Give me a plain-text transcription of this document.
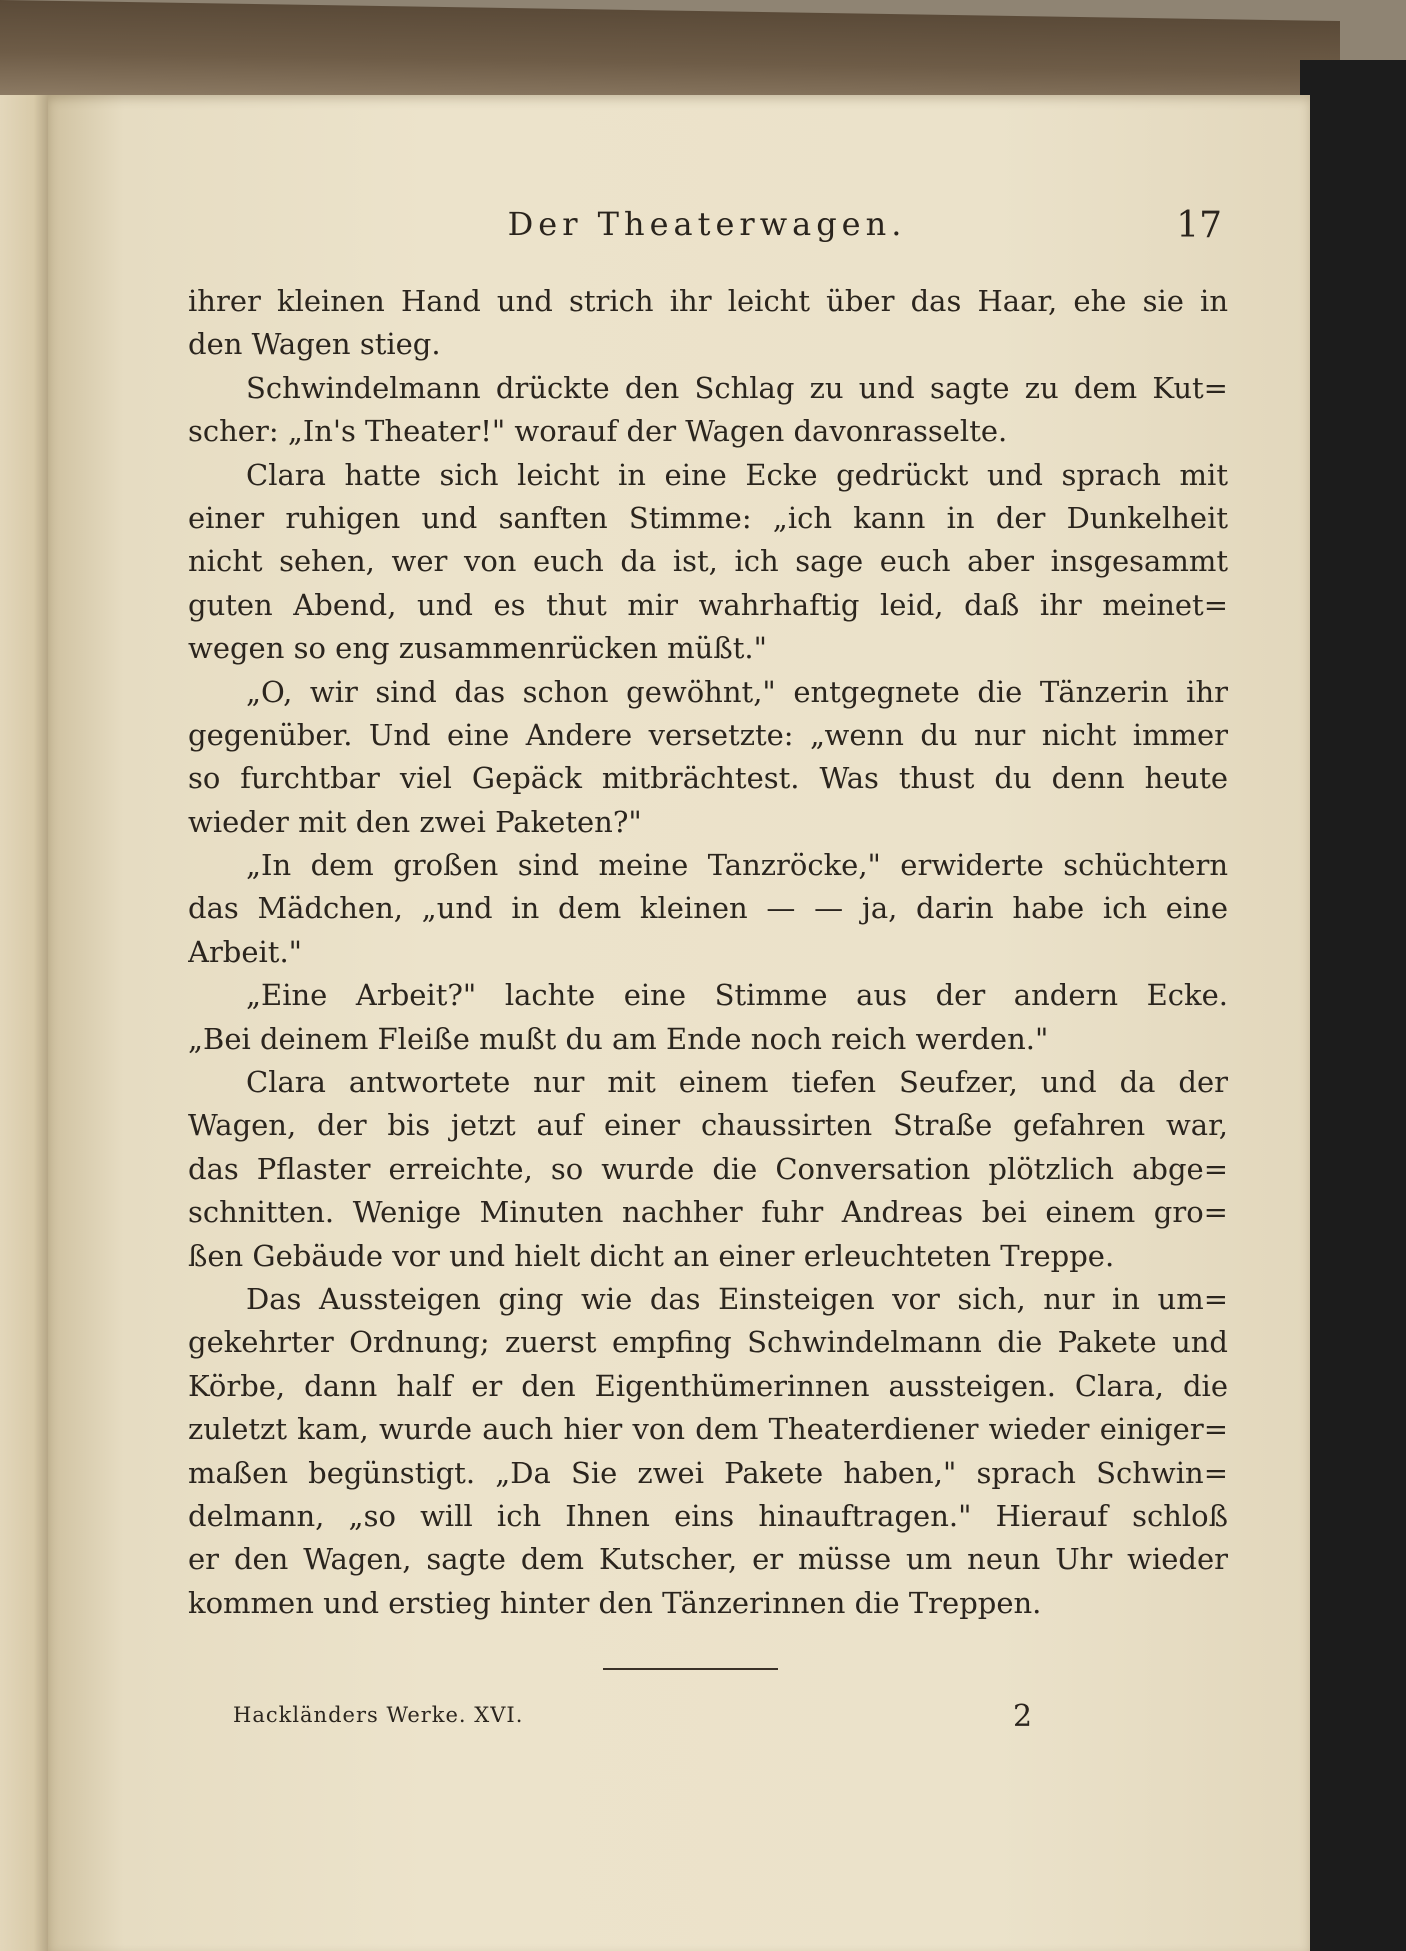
Der Theaterwagen.	17
ihrer kleinen Hand und strich ihr leicht über das Haar, ehe sie in
den Wagen stieg.
Schwindelmann drückte den Schlag zu und sagte zu dem Kut=
scher: „In's Theater!" worauf der Wagen davonrasselte.
Clara hatte sich leicht in eine Ecke gedrückt und sprach mit
einer ruhigen und sanften Stimme: „ich kann in der Dunkelheit
nicht sehen, wer von euch da ist, ich sage euch aber insgesammt
guten Abend, und es thut mir wahrhaftig leid, daß ihr meinet=
wegen so eng zusammenrücken müßt."
„O, wir sind das schon gewöhnt," entgegnete die Tänzerin ihr
gegenüber. Und eine Andere versetzte: „wenn du nur nicht immer
so furchtbar viel Gepäck mitbrächtest. Was thust du denn heute
wieder mit den zwei Paketen?"
„In dem großen sind meine Tanzröcke," erwiderte schüchtern
das Mädchen, „und in dem kleinen — — ja, darin habe ich eine
Arbeit."
„Eine Arbeit?" lachte eine Stimme aus der andern Ecke.
„Bei deinem Fleiße mußt du am Ende noch reich werden."
Clara antwortete nur mit einem tiefen Seufzer, und da der
Wagen, der bis jetzt auf einer chaussirten Straße gefahren war,
das Pflaster erreichte, so wurde die Conversation plötzlich abge=
schnitten. Wenige Minuten nachher fuhr Andreas bei einem gro=
ßen Gebäude vor und hielt dicht an einer erleuchteten Treppe.
Das Aussteigen ging wie das Einsteigen vor sich, nur in um=
gekehrter Ordnung; zuerst empfing Schwindelmann die Pakete und
Körbe, dann half er den Eigenthümerinnen aussteigen. Clara, die
zuletzt kam, wurde auch hier von dem Theaterdiener wieder einiger=
maßen begünstigt. „Da Sie zwei Pakete haben," sprach Schwin=
delmann, „so will ich Ihnen eins hinauftragen." Hierauf schloß
er den Wagen, sagte dem Kutscher, er müsse um neun Uhr wieder
kommen und erstieg hinter den Tänzerinnen die Treppen.
Hackländers Werke. XVI.	2
